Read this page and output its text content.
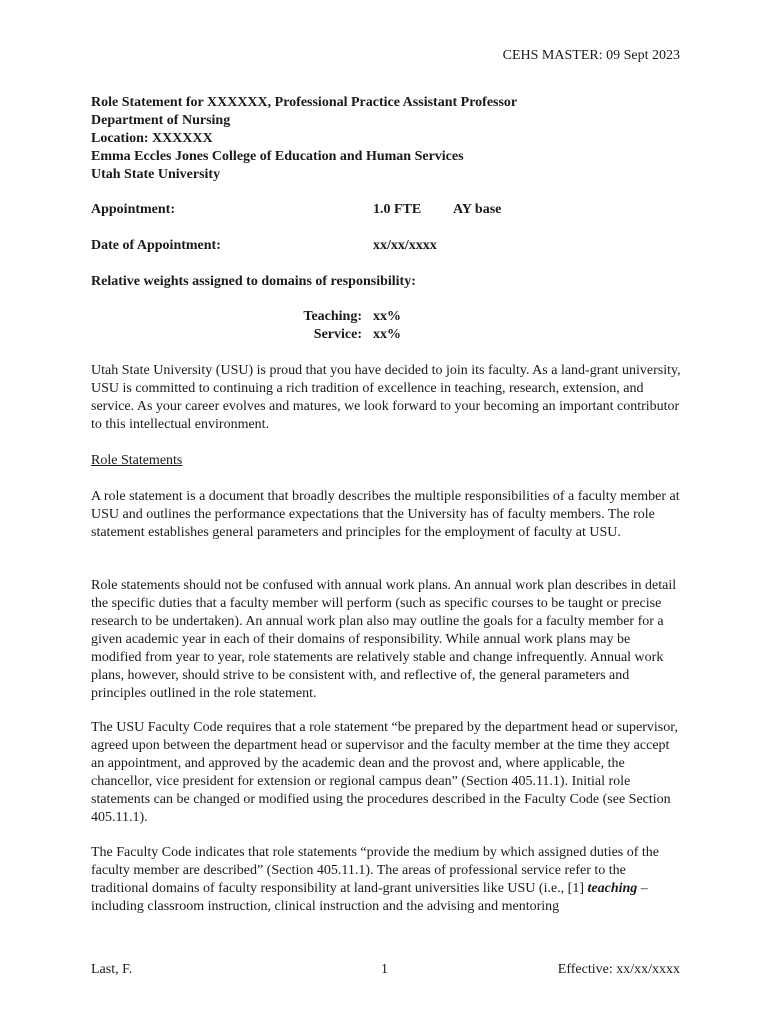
CEHS MASTER: 09 Sept 2023
Role Statement for XXXXXX, Professional Practice Assistant Professor
Department of Nursing
Location: XXXXXX
Emma Eccles Jones College of Education and Human Services
Utah State University
Appointment:	1.0 FTE AY base
Date of Appointment:	xx/xx/xxxx
Relative weights assigned to domains of responsibility:
Teaching: xx%
Service: xx%

Utah State University (USU) is proud that you have decided to join its faculty. As a land-grant university, USU is committed to continuing a rich tradition of excellence in teaching, research, extension, and service. As your career evolves and matures, we look forward to your becoming an important contributor to this intellectual environment.

Role Statements

A role statement is a document that broadly describes the multiple responsibilities of a faculty member at USU and outlines the performance expectations that the University has of faculty members. The role statement establishes general parameters and principles for the employment of faculty at USU.

Role statements should not be confused with annual work plans. An annual work plan describes in detail the specific duties that a faculty member will perform (such as specific courses to be taught or precise research to be undertaken). An annual work plan also may outline the goals for a faculty member for a given academic year in each of their domains of responsibility. While annual work plans may be modified from year to year, role statements are relatively stable and change infrequently. Annual work plans, however, should strive to be consistent with, and reflective of, the general parameters and principles outlined in the role statement.

The USU Faculty Code requires that a role statement “be prepared by the department head or supervisor, agreed upon between the department head or supervisor and the faculty member at the time they accept an appointment, and approved by the academic dean and the provost and, where applicable, the chancellor, vice president for extension or regional campus dean” (Section 405.11.1). Initial role statements can be changed or modified using the procedures described in the Faculty Code (see Section 405.11.1).

The Faculty Code indicates that role statements “provide the medium by which assigned duties of the faculty member are described” (Section 405.11.1). The areas of professional service refer to the traditional domains of faculty responsibility at land-grant universities like USU (i.e., [1] teaching – including classroom instruction, clinical instruction and the advising and mentoring

Last, F.	1	Effective: xx/xx/xxxx
